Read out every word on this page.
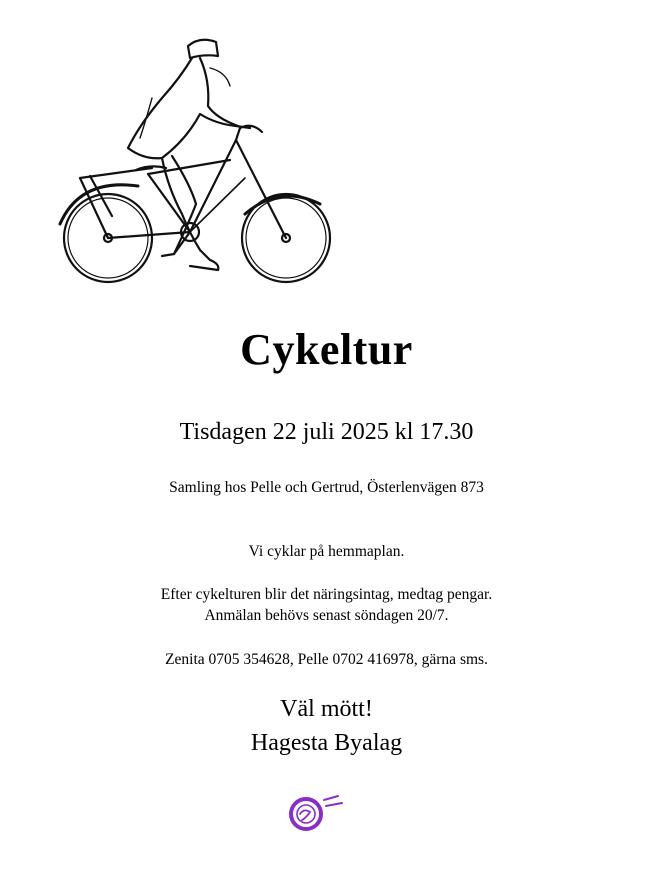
Cykeltur
Tisdagen 22 juli 2025 kl 17.30
Samling hos Pelle och Gertrud, Österlenvägen 873
Vi cyklar på hemmaplan.
Efter cykelturen blir det näringsintag, medtag pengar.
Anmälan behövs senast söndagen 20/7.
Zenita 0705 354628, Pelle 0702 416978, gärna sms.
Väl mött!
Hagesta Byalag
